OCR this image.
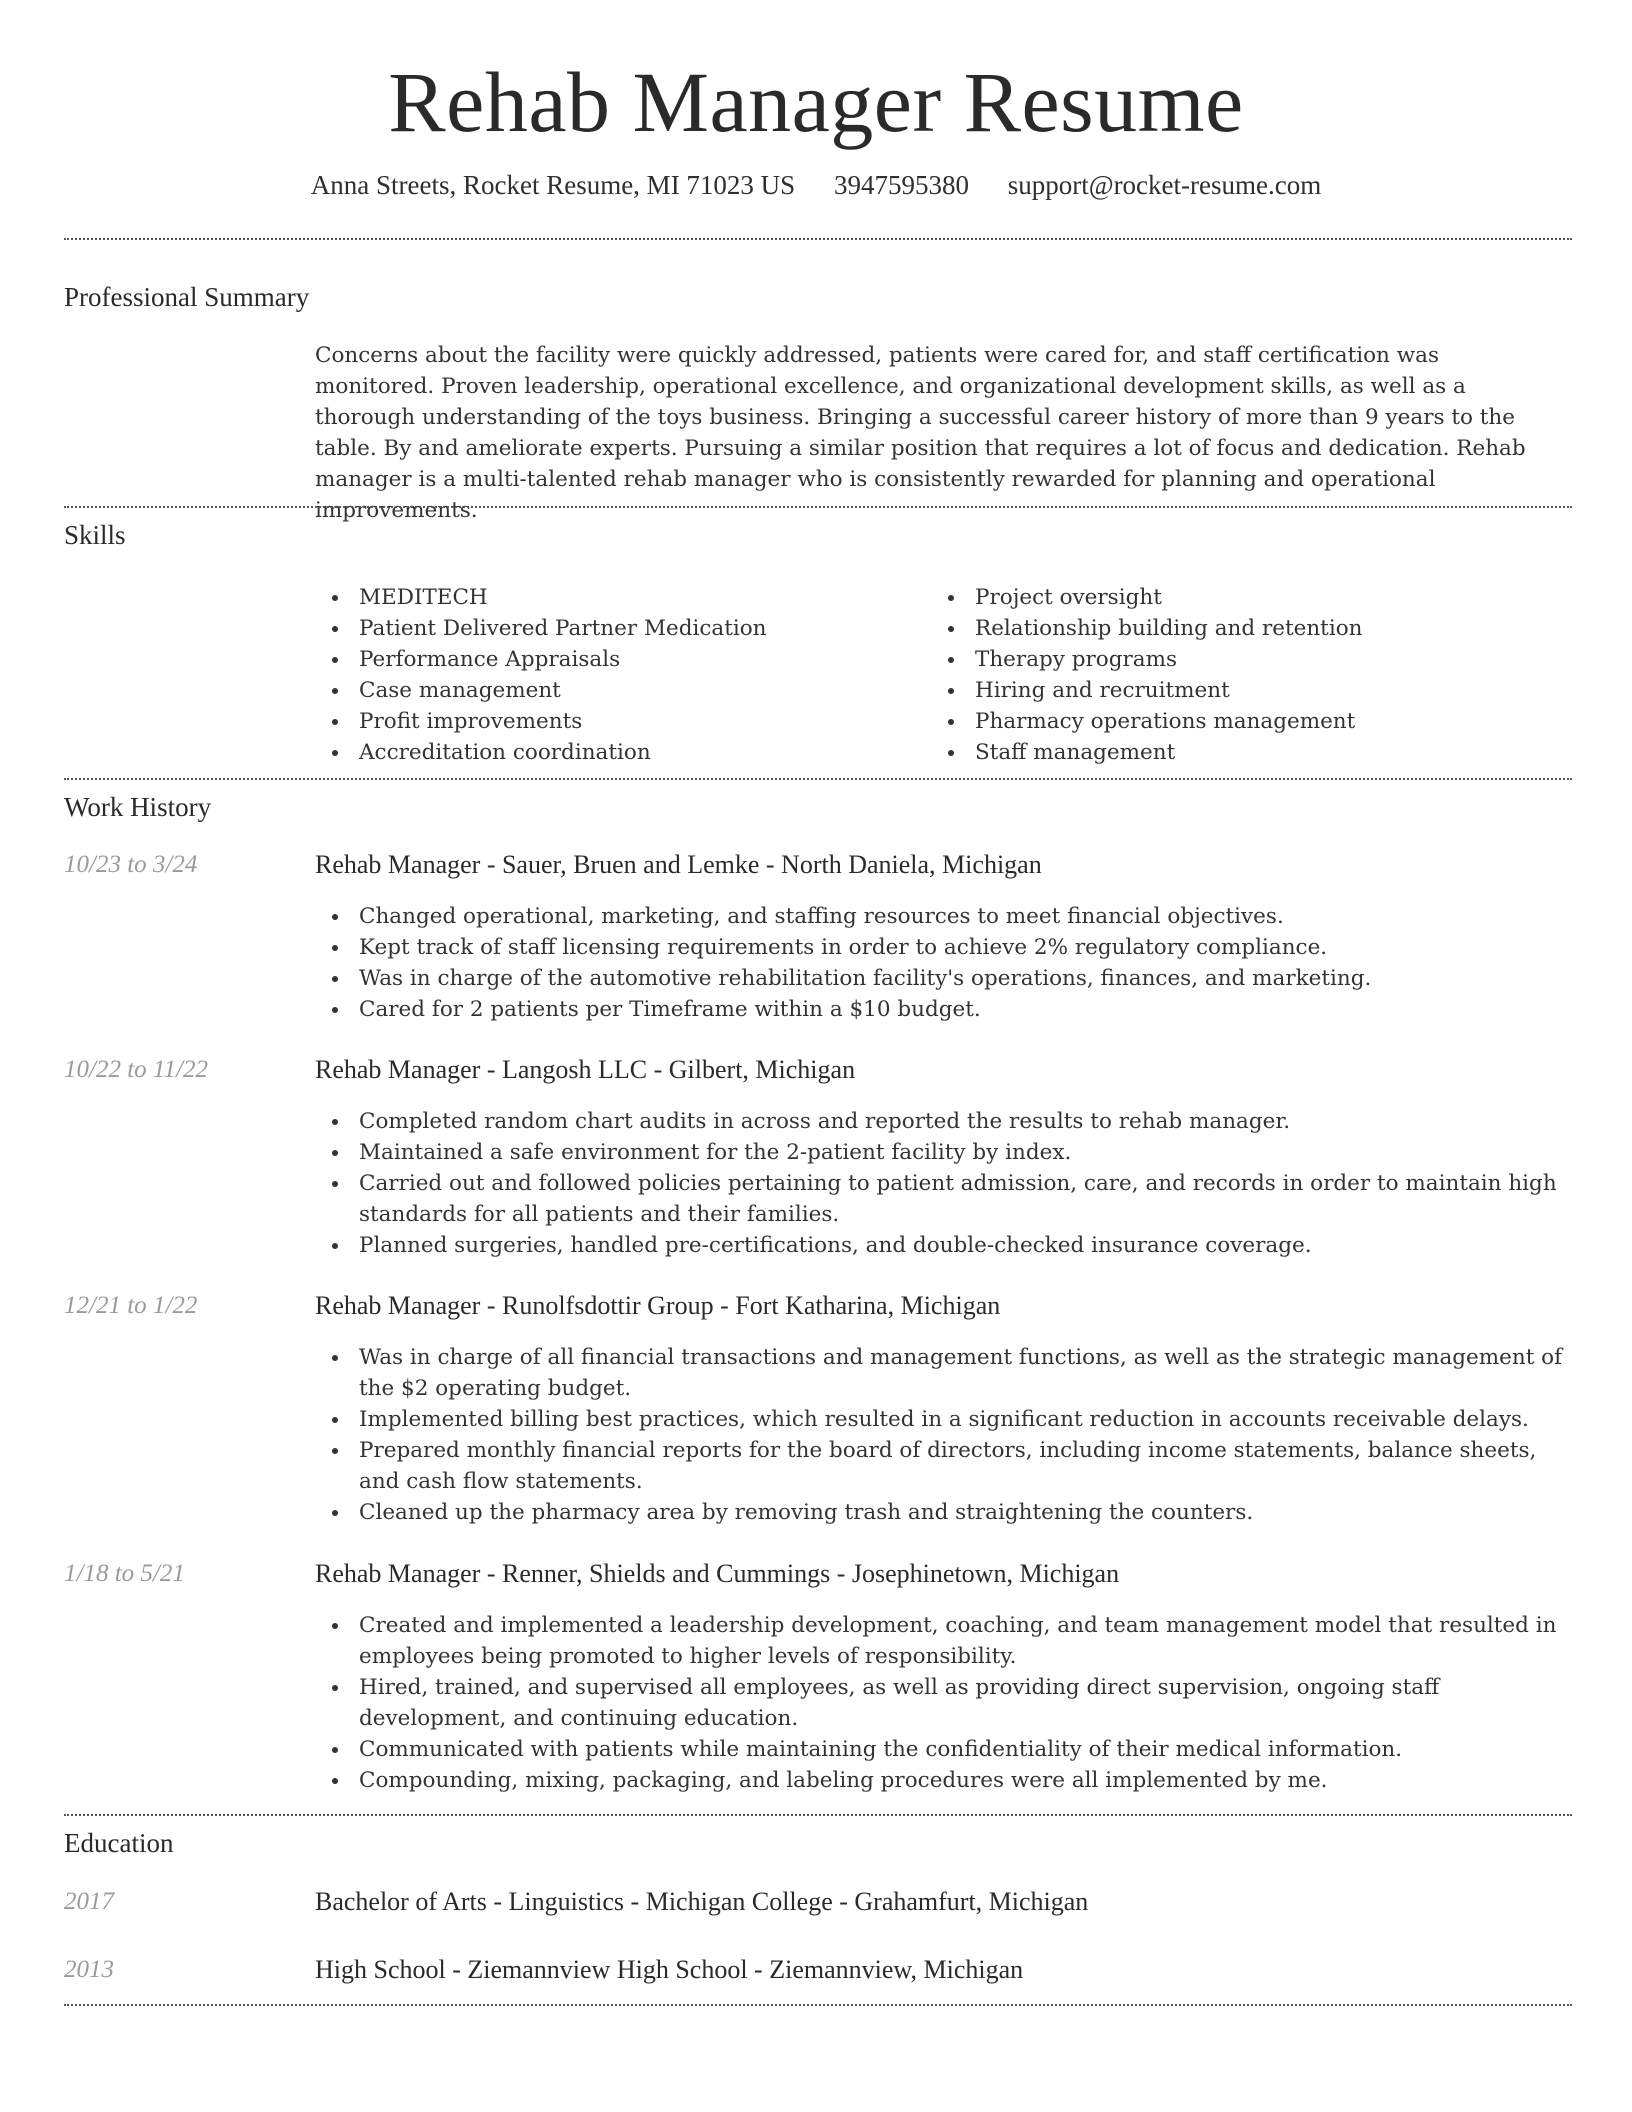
Rehab Manager Resume
Anna Streets, Rocket Resume, MI 71023 US 3947595380 support@rocket-resume.com
Professional Summary
Concerns about the facility were quickly addressed, patients were cared for, and staff certification was monitored. Proven leadership, operational excellence, and organizational development skills, as well as a thorough understanding of the toys business. Bringing a successful career history of more than 9 years to the table. By and ameliorate experts. Pursuing a similar position that requires a lot of focus and dedication. Rehab manager is a multi-talented rehab manager who is consistently rewarded for planning and operational improvements.
Skills
MEDITECH
Patient Delivered Partner Medication
Performance Appraisals
Case management
Profit improvements
Accreditation coordination
Project oversight
Relationship building and retention
Therapy programs
Hiring and recruitment
Pharmacy operations management
Staff management
Work History
10/23 to 3/24	Rehab Manager - Sauer, Bruen and Lemke - North Daniela, Michigan
Changed operational, marketing, and staffing resources to meet financial objectives.
Kept track of staff licensing requirements in order to achieve 2% regulatory compliance.
Was in charge of the automotive rehabilitation facility's operations, finances, and marketing.
Cared for 2 patients per Timeframe within a $10 budget.
10/22 to 11/22	Rehab Manager - Langosh LLC - Gilbert, Michigan
Completed random chart audits in across and reported the results to rehab manager.
Maintained a safe environment for the 2-patient facility by index.
Carried out and followed policies pertaining to patient admission, care, and records in order to maintain high standards for all patients and their families.
Planned surgeries, handled pre-certifications, and double-checked insurance coverage.
12/21 to 1/22	Rehab Manager - Runolfsdottir Group - Fort Katharina, Michigan
Was in charge of all financial transactions and management functions, as well as the strategic management of the $2 operating budget.
Implemented billing best practices, which resulted in a significant reduction in accounts receivable delays.
Prepared monthly financial reports for the board of directors, including income statements, balance sheets, and cash flow statements.
Cleaned up the pharmacy area by removing trash and straightening the counters.
1/18 to 5/21	Rehab Manager - Renner, Shields and Cummings - Josephinetown, Michigan
Created and implemented a leadership development, coaching, and team management model that resulted in employees being promoted to higher levels of responsibility.
Hired, trained, and supervised all employees, as well as providing direct supervision, ongoing staff development, and continuing education.
Communicated with patients while maintaining the confidentiality of their medical information.
Compounding, mixing, packaging, and labeling procedures were all implemented by me.
Education
2017	Bachelor of Arts - Linguistics - Michigan College - Grahamfurt, Michigan
2013	High School - Ziemannview High School - Ziemannview, Michigan
